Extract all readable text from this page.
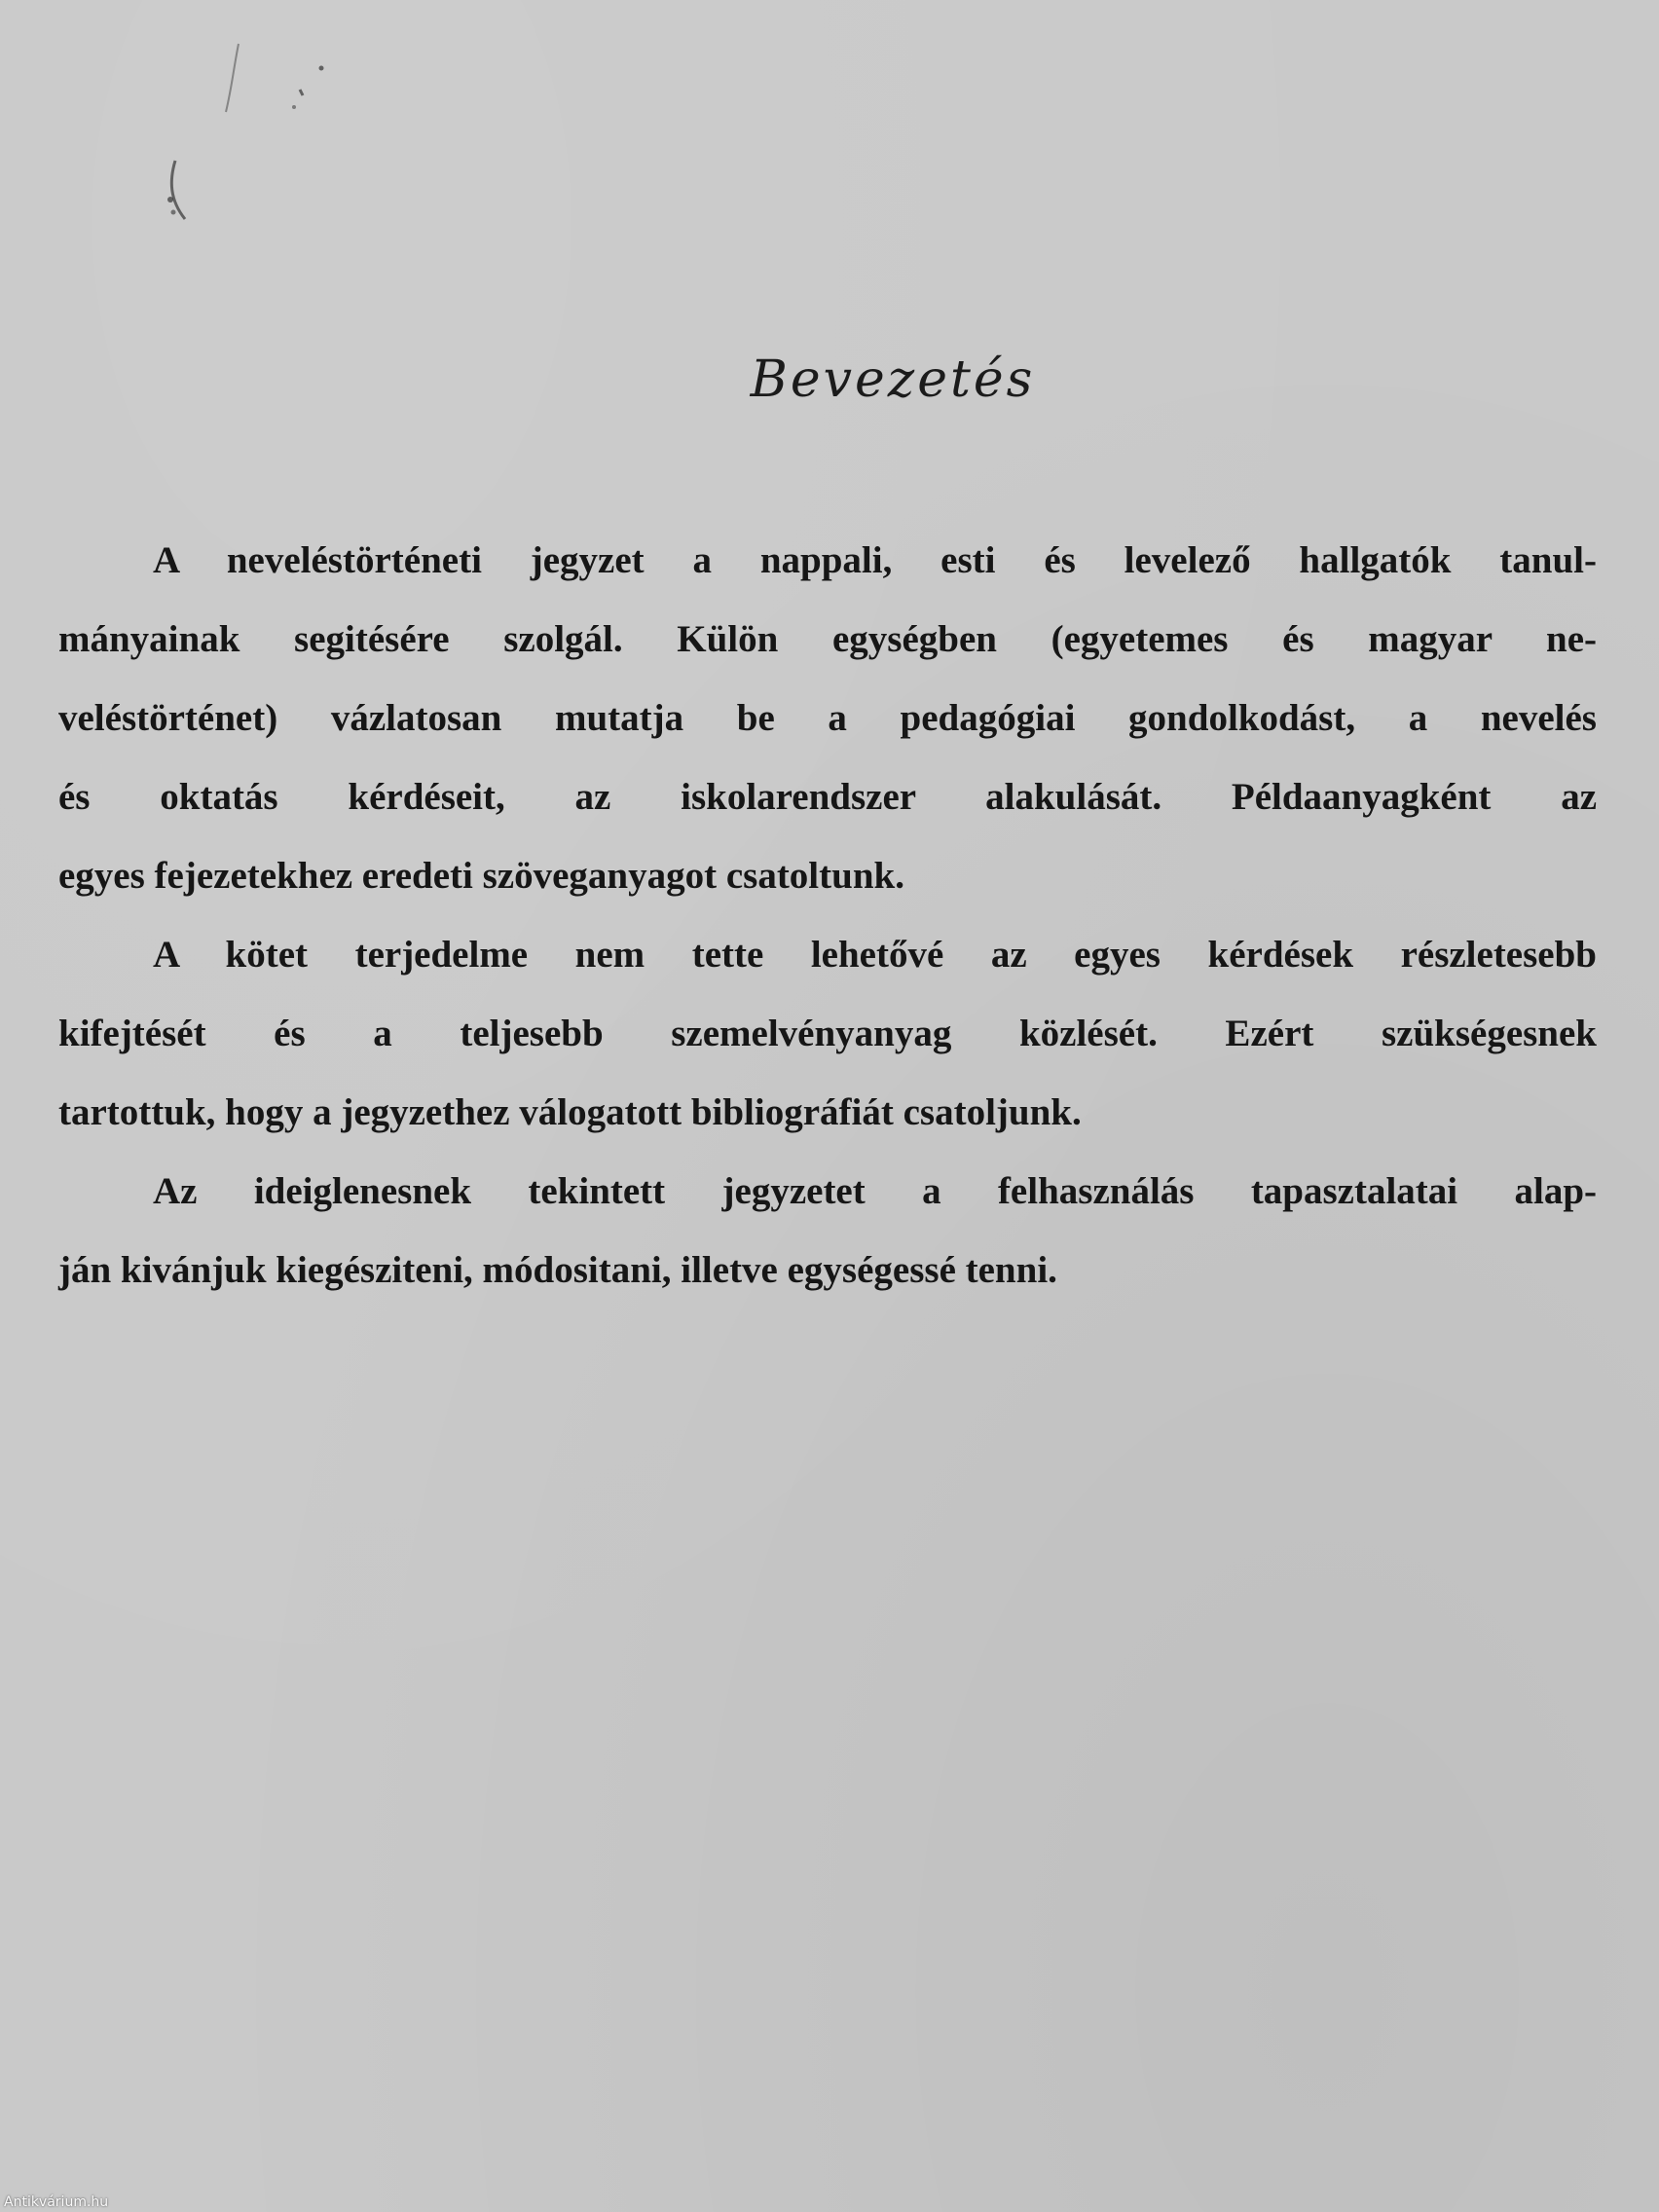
Bevezetés
A neveléstörténeti jegyzet a nappali, esti és levelező hallgatók tanul-
mányainak segitésére szolgál. Külön egységben (egyetemes és magyar ne-
veléstörténet) vázlatosan mutatja be a pedagógiai gondolkodást, a nevelés
és oktatás kérdéseit, az iskolarendszer alakulását. Példaanyagként az
egyes fejezetekhez eredeti szöveganyagot csatoltunk.
A kötet terjedelme nem tette lehetővé az egyes kérdések részletesebb
kifejtését és a teljesebb szemelvényanyag közlését. Ezért szükségesnek
tartottuk, hogy a jegyzethez válogatott bibliográfiát csatoljunk.
Az ideiglenesnek tekintett jegyzetet a felhasználás tapasztalatai alap-
ján kivánjuk kiegésziteni, módositani, illetve egységessé tenni.
Antikvárium.hu
